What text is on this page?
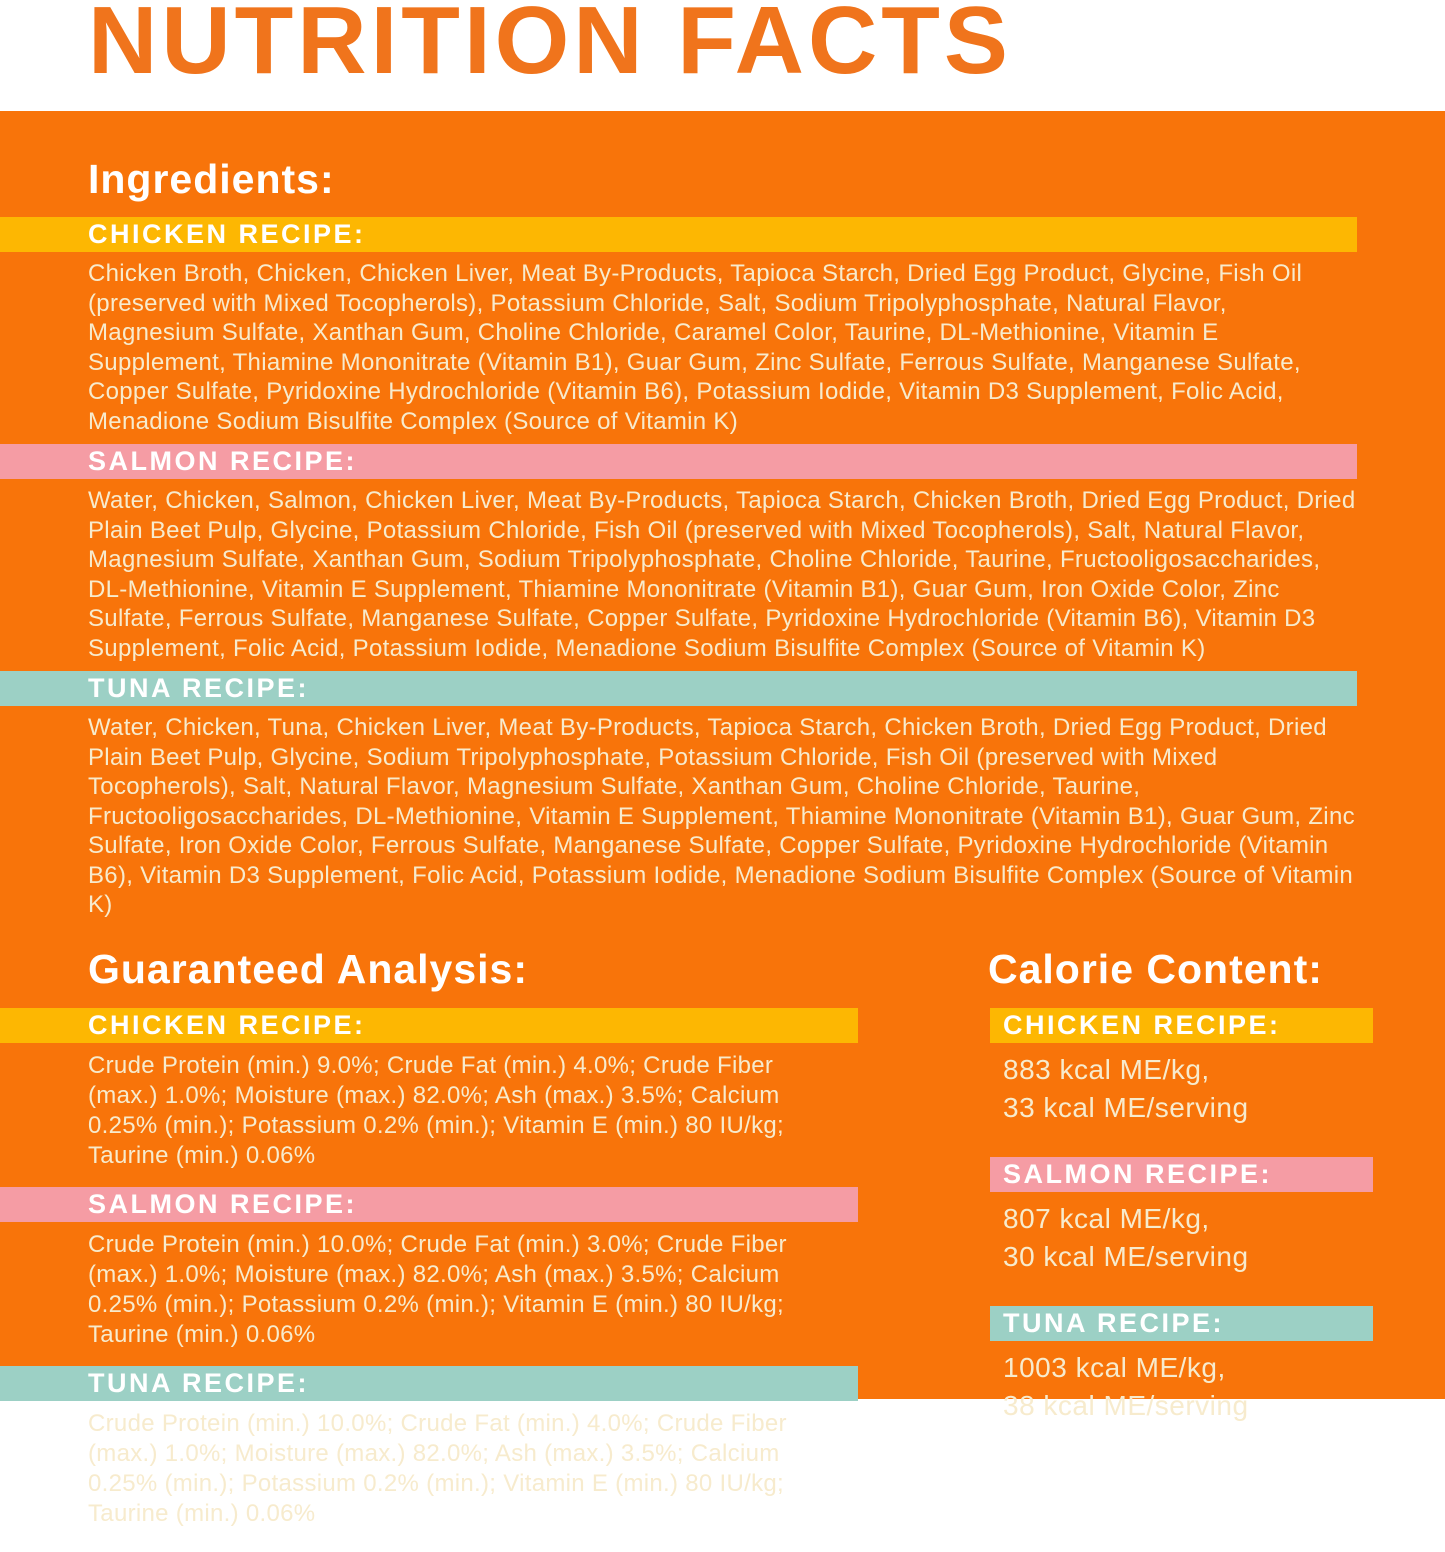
NUTRITION FACTS
Ingredients:
CHICKEN RECIPE:

Chicken Broth, Chicken, Chicken Liver, Meat By-Products, Tapioca Starch, Dried Egg Product, Glycine, Fish Oil (preserved with Mixed Tocopherols), Potassium Chloride, Salt, Sodium Tripolyphosphate, Natural Flavor, Magnesium Sulfate, Xanthan Gum, Choline Chloride, Caramel Color, Taurine, DL-Methionine, Vitamin E Supplement, Thiamine Mononitrate (Vitamin B1), Guar Gum, Zinc Sulfate, Ferrous Sulfate, Manganese Sulfate, Copper Sulfate, Pyridoxine Hydrochloride (Vitamin B6), Potassium Iodide, Vitamin D3 Supplement, Folic Acid, Menadione Sodium Bisulfite Complex (Source of Vitamin K)

SALMON RECIPE:

Water, Chicken, Salmon, Chicken Liver, Meat By-Products, Tapioca Starch, Chicken Broth, Dried Egg Product, Dried Plain Beet Pulp, Glycine, Potassium Chloride, Fish Oil (preserved with Mixed Tocopherols), Salt, Natural Flavor, Magnesium Sulfate, Xanthan Gum, Sodium Tripolyphosphate, Choline Chloride, Taurine, Fructooligosaccharides, DL-Methionine, Vitamin E Supplement, Thiamine Mononitrate (Vitamin B1), Guar Gum, Iron Oxide Color, Zinc Sulfate, Ferrous Sulfate, Manganese Sulfate, Copper Sulfate, Pyridoxine Hydrochloride (Vitamin B6), Vitamin D3 Supplement, Folic Acid, Potassium Iodide, Menadione Sodium Bisulfite Complex (Source of Vitamin K)

TUNA RECIPE:

Water, Chicken, Tuna, Chicken Liver, Meat By-Products, Tapioca Starch, Chicken Broth, Dried Egg Product, Dried Plain Beet Pulp, Glycine, Sodium Tripolyphosphate, Potassium Chloride, Fish Oil (preserved with Mixed Tocopherols), Salt, Natural Flavor, Magnesium Sulfate, Xanthan Gum, Choline Chloride, Taurine, Fructooligosaccharides, DL-Methionine, Vitamin E Supplement, Thiamine Mononitrate (Vitamin B1), Guar Gum, Zinc Sulfate, Iron Oxide Color, Ferrous Sulfate, Manganese Sulfate, Copper Sulfate, Pyridoxine Hydrochloride (Vitamin B6), Vitamin D3 Supplement, Folic Acid, Potassium Iodide, Menadione Sodium Bisulfite Complex (Source of Vitamin K)

Guaranteed Analysis:
CHICKEN RECIPE:

Crude Protein (min.) 9.0%; Crude Fat (min.) 4.0%; Crude Fiber (max.) 1.0%; Moisture (max.) 82.0%; Ash (max.) 3.5%; Calcium 0.25% (min.); Potassium 0.2% (min.); Vitamin E (min.) 80 IU/kg; Taurine (min.) 0.06%

SALMON RECIPE:

Crude Protein (min.) 10.0%; Crude Fat (min.) 3.0%; Crude Fiber (max.) 1.0%; Moisture (max.) 82.0%; Ash (max.) 3.5%; Calcium 0.25% (min.); Potassium 0.2% (min.); Vitamin E (min.) 80 IU/kg; Taurine (min.) 0.06%

TUNA RECIPE:

Crude Protein (min.) 10.0%; Crude Fat (min.) 4.0%; Crude Fiber (max.) 1.0%; Moisture (max.) 82.0%; Ash (max.) 3.5%; Calcium 0.25% (min.); Potassium 0.2% (min.); Vitamin E (min.) 80 IU/kg; Taurine (min.) 0.06%

Calorie Content:
CHICKEN RECIPE:
883 kcal ME/kg,
33 kcal ME/serving
SALMON RECIPE:
807 kcal ME/kg,
30 kcal ME/serving
TUNA RECIPE:
1003 kcal ME/kg,
38 kcal ME/serving
